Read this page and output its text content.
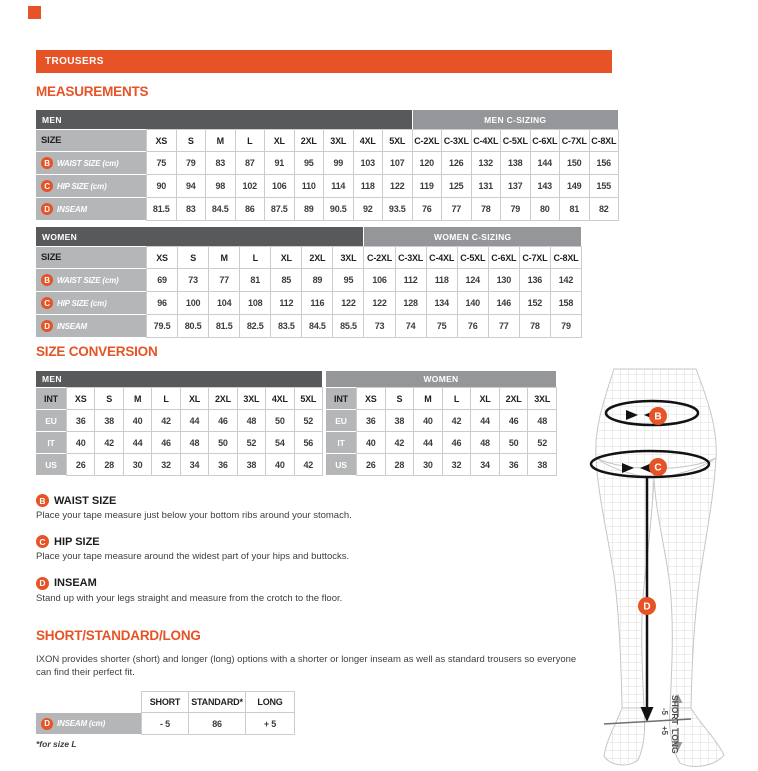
TROUSERS
MEASUREMENTS
MEN	MEN C-SIZING
SIZE	XS	S	M	L	XL	2XL	3XL	4XL	5XL	C-2XL C-3XL C-4XL C-5XL C-6XL C-7XL C-8XL
B WAIST SIZE (cm)	75	79	83	87	91	95	99	103	107	120	126	132	138	144	150	156
C HIP SIZE (cm)	90	94	98	102	106	110	114	118	122	119	125	131	137	143	149	155
D INSEAM	81.5	83	84.5	86	87.5	89	90.5	92	93.5	76	77	78	79	80	81	82
WOMEN	WOMEN C-SIZING
SIZE	XS	S	M	L	XL	2XL	3XL	C-2XL C-3XL C-4XL C-5XL C-6XL C-7XL C-8XL
B WAIST SIZE (cm)	69	73	77	81	85	89	95	106	112	118	124	130	136	142
C HIP SIZE (cm)	96	100	104	108	112	116	122	122	128	134	140	146	152	158
D INSEAM	79.5	80.5	81.5	82.5	83.5	84.5	85.5	73	74	75	76	77	78	79
SIZE CONVERSION
MEN
INT	XS	S	M	L	XL	2XL	3XL	4XL	5XL
EU	36	38	40	42	44	46	48	50	52
IT	40	42	44	46	48	50	52	54	56
US	26	28	30	32	34	36	38	40	42
WOMEN
INT	XS	S	M	L	XL	2XL	3XL
EU	36	38	40	42	44	46	48
IT	40	42	44	46	48	50	52
US	26	28	30	32	34	36	38
B WAIST SIZE
Place your tape measure just below your bottom ribs around your stomach.
C HIP SIZE
Place your tape measure around the widest part of your hips and buttocks.
D INSEAM
Stand up with your legs straight and measure from the crotch to the floor.
SHORT/STANDARD/LONG
IXON provides shorter (short) and longer (long) options with a shorter or longer inseam as well as standard trousers so everyone can find their perfect fit.
SHORT	STANDARD*	LONG
D INSEAM (cm)	- 5	86	+ 5
*for size L
B
C
D
SHORT
-5
LONG
+5
